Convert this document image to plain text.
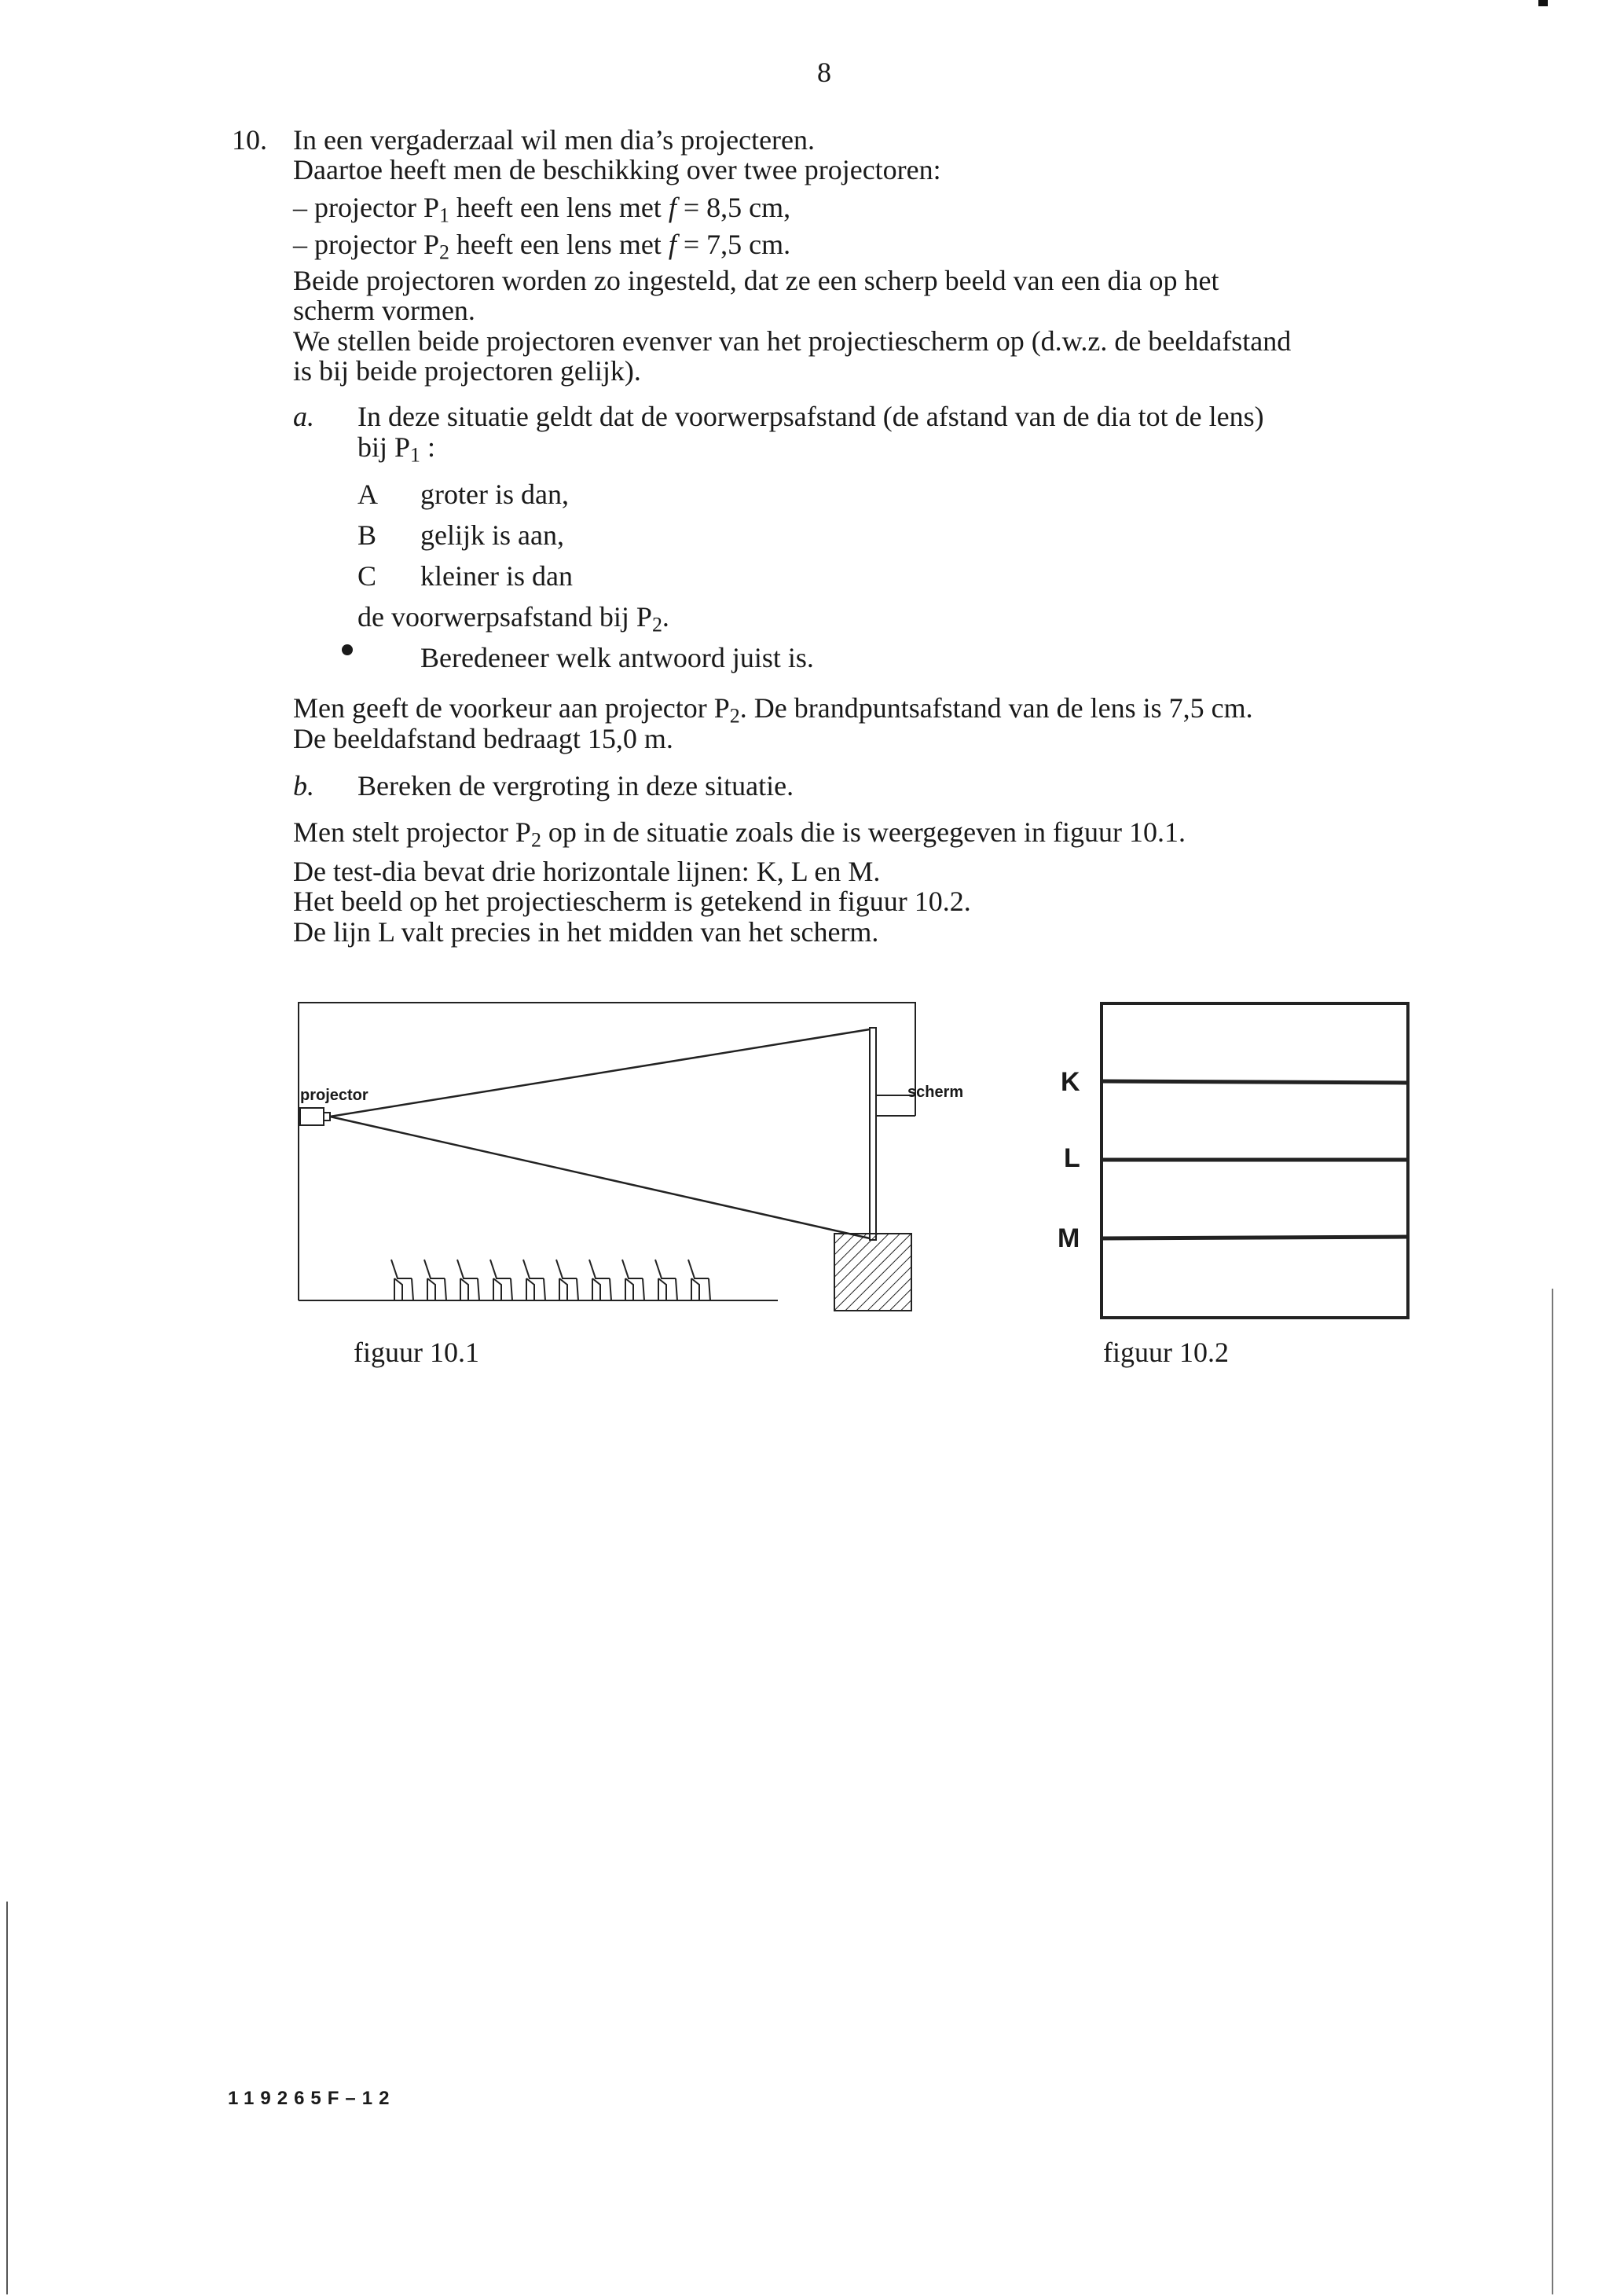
8
10. In een vergaderzaal wil men dia’s projecteren.
Daartoe heeft men de beschikking over twee projectoren:
– projector $P_1$ heeft een lens met f = 8,5 cm,
– projector $P_2$ heeft een lens met f = 7,5 cm.
Beide projectoren worden zo ingesteld, dat ze een scherp beeld van een dia op het
scherm vormen.
We stellen beide projectoren evenver van het projectiescherm op (d.w.z. de beeldafstand
is bij beide projectoren gelijk).
a. In deze situatie geldt dat de voorwerpsafstand (de afstand van de dia tot de lens)
bij $P_1$ :
A groter is dan,
B gelijk is aan,
C kleiner is dan
de voorwerpsafstand bij $P_2$.
Beredeneer welk antwoord juist is.
Men geeft de voorkeur aan projector $P_2$. De brandpuntsafstand van de lens is 7,5 cm.
De beeldafstand bedraagt 15,0 m.
b. Bereken de vergroting in deze situatie.
Men stelt projector $P_2$ op in de situatie zoals die is weergegeven in figuur 10.1.
De test-dia bevat drie horizontale lijnen: K, L en M.
Het beeld op het projectiescherm is getekend in figuur 10.2.
De lijn L valt precies in het midden van het scherm.
projector	scherm
figuur 10.1
K
L
M
figuur 10.2
119265F–12
